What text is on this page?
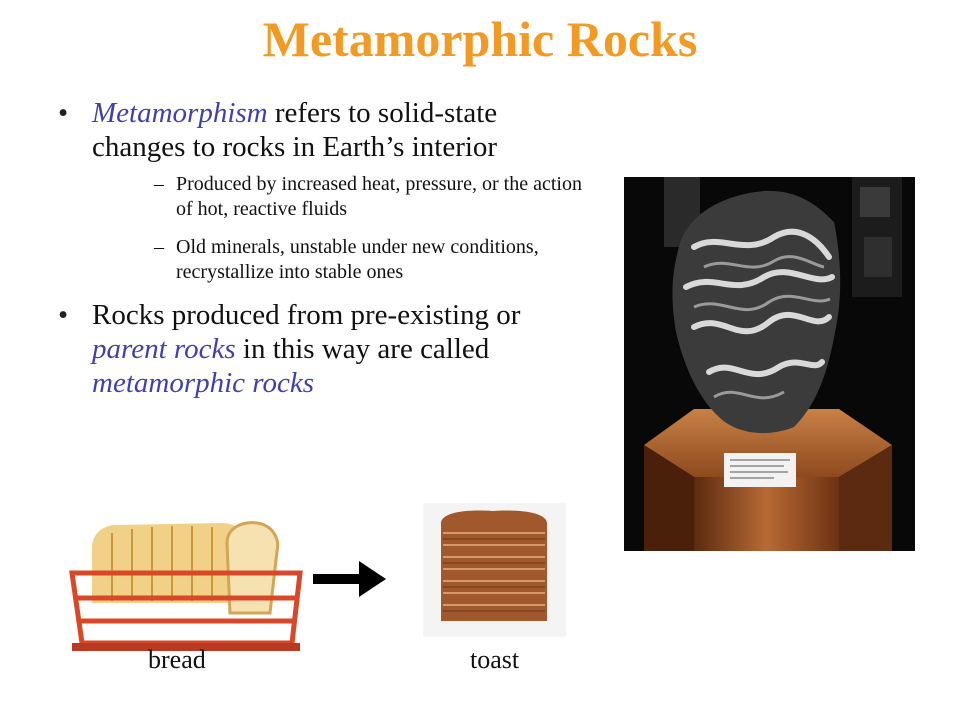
Metamorphic Rocks
• Metamorphism refers to solid-state changes to rocks in Earth’s interior
– Produced by increased heat, pressure, or the action of hot, reactive fluids
– Old minerals, unstable under new conditions, recrystallize into stable ones
• Rocks produced from pre-existing or parent rocks in this way are called metamorphic rocks
bread	toast
